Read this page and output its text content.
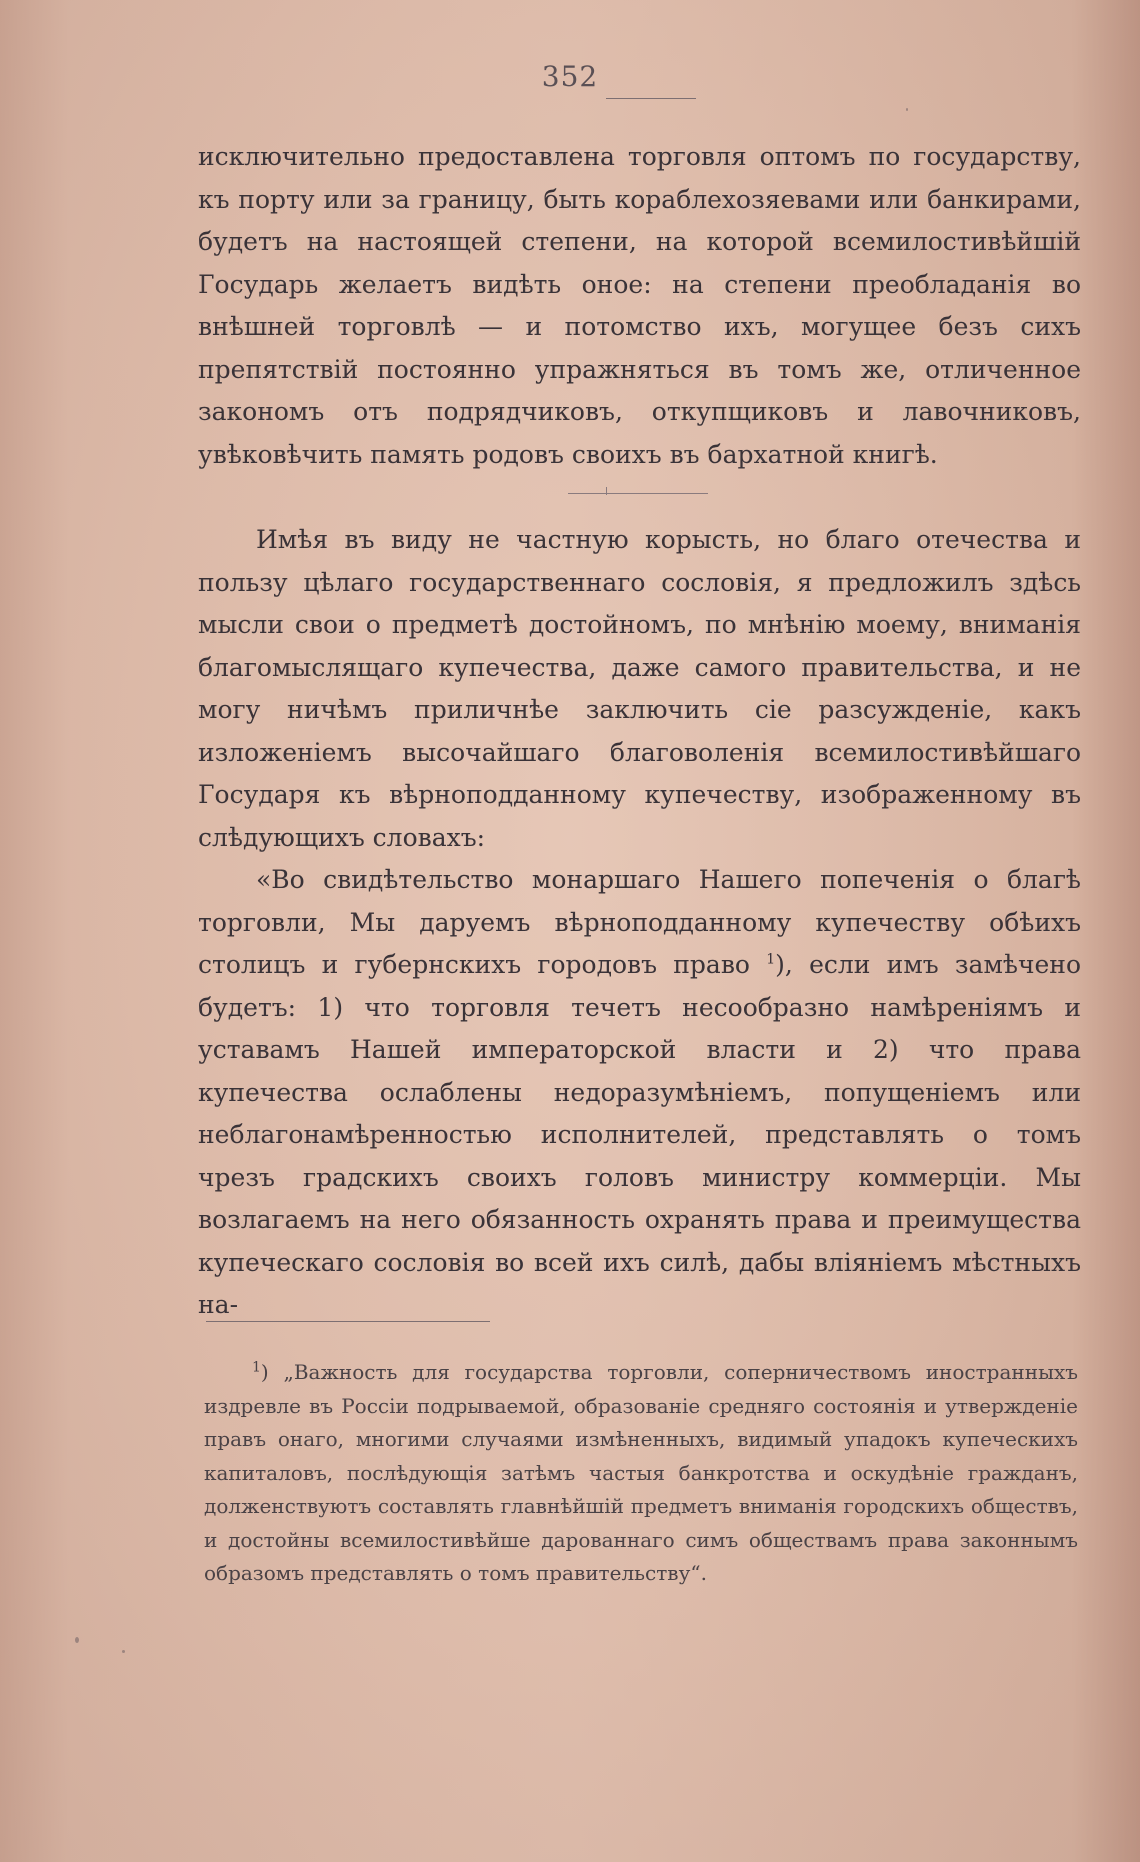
352

исключительно предоставлена торговля оптомъ по государству, къ порту или за границу, быть кораблехозяевами или банкирами, будетъ на настоящей степени, на которой всемилостивѣйшій Государь желаетъ видѣть оное: на степени преобладанія во внѣшней торговлѣ — и потомство ихъ, могущее безъ сихъ препятствій постоянно упражняться въ томъ же, отличенное закономъ отъ подрядчиковъ, откупщиковъ и лавочниковъ, увѣковѣчить память родовъ своихъ въ бархатной книгѣ.

Имѣя въ виду не частную корысть, но благо отечества и пользу цѣлаго государственнаго сословія, я предложилъ здѣсь мысли свои о предметѣ достойномъ, по мнѣнію моему, вниманія благомыслящаго купечества, даже самого правительства, и не могу ничѣмъ приличнѣе заключить сіе разсужденіе, какъ изложеніемъ высочайшаго благоволенія всемилостивѣйшаго Государя къ вѣрноподданному купечеству, изображенному въ слѣдующихъ словахъ:

«Во свидѣтельство монаршаго Нашего попеченія о благѣ торговли, Мы даруемъ вѣрноподданному купечеству обѣихъ столицъ и губернскихъ городовъ право $^1$), если имъ замѣчено будетъ: 1) что торговля течетъ несообразно намѣреніямъ и уставамъ Нашей императорской власти и 2) что права купечества ослаблены недоразумѣніемъ, попущеніемъ или неблагонамѣренностью исполнителей, представлять о томъ чрезъ градскихъ своихъ головъ министру коммерціи. Мы возлагаемъ на него обязанность охранять права и преимущества купеческаго сословія во всей ихъ силѣ, дабы вліяніемъ мѣстныхъ на-

$^1$) „Важность для государства торговли, соперничествомъ иностранныхъ издревле въ Россіи подрываемой, образованіе средняго состоянія и утвержденіе правъ онаго, многими случаями измѣненныхъ, видимый упадокъ купеческихъ капиталовъ, послѣдующія затѣмъ частыя банкротства и оскудѣніе гражданъ, долженствуютъ составлять главнѣйшій предметъ вниманія городскихъ обществъ, и достойны всемилостивѣйше дарованнаго симъ обществамъ права законнымъ образомъ представлять о томъ правительству“.
